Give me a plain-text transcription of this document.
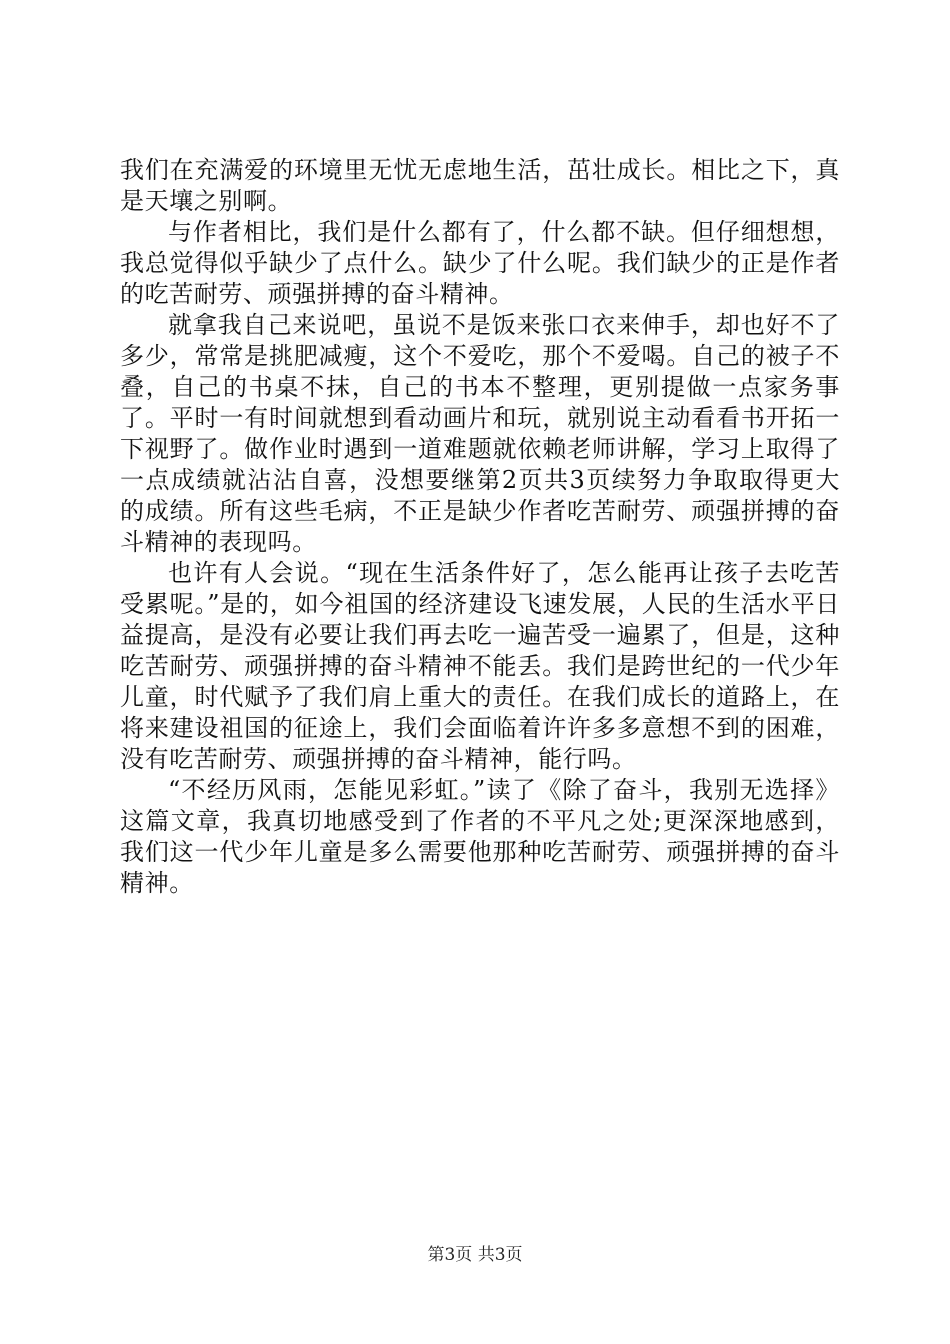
我们在充满爱的环境里无忧无虑地生活，茁壮成长。相比之下，真是天壤之别啊。

与作者相比，我们是什么都有了，什么都不缺。但仔细想想，我总觉得似乎缺少了点什么。缺少了什么呢。我们缺少的正是作者的吃苦耐劳、顽强拼搏的奋斗精神。

就拿我自己来说吧，虽说不是饭来张口衣来伸手，却也好不了多少，常常是挑肥减瘦，这个不爱吃，那个不爱喝。自己的被子不叠，自己的书桌不抹，自己的书本不整理，更别提做一点家务事了。平时一有时间就想到看动画片和玩，就别说主动看看书开拓一下视野了。做作业时遇到一道难题就依赖老师讲解，学习上取得了一点成绩就沾沾自喜，没想要继第2页共3页续努力争取取得更大的成绩。所有这些毛病，不正是缺少作者吃苦耐劳、顽强拼搏的奋斗精神的表现吗。

也许有人会说。“现在生活条件好了，怎么能再让孩子去吃苦受累呢。”是的，如今祖国的经济建设飞速发展，人民的生活水平日益提高，是没有必要让我们再去吃一遍苦受一遍累了，但是，这种吃苦耐劳、顽强拼搏的奋斗精神不能丢。我们是跨世纪的一代少年儿童，时代赋予了我们肩上重大的责任。在我们成长的道路上，在将来建设祖国的征途上，我们会面临着许许多多意想不到的困难，没有吃苦耐劳、顽强拼搏的奋斗精神，能行吗。

“不经历风雨，怎能见彩虹。”读了《除了奋斗，我别无选择》这篇文章，我真切地感受到了作者的不平凡之处;更深深地感到，我们这一代少年儿童是多么需要他那种吃苦耐劳、顽强拼搏的奋斗精神。

第3页 共3页
